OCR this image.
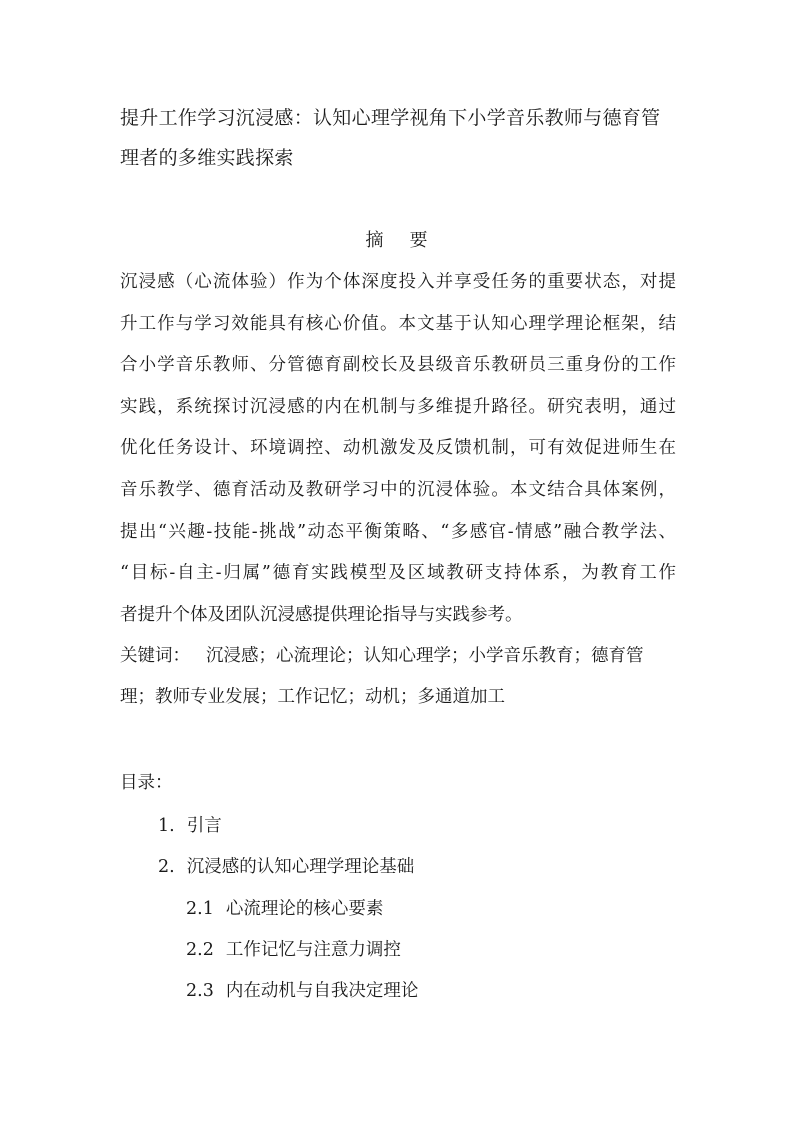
提升工作学习沉浸感：认知心理学视角下小学音乐教师与德育管
理者的多维实践探索
摘要
沉浸感（心流体验）作为个体深度投入并享受任务的重要状态，对提
升工作与学习效能具有核心价值。本文基于认知心理学理论框架，结
合小学音乐教师、分管德育副校长及县级音乐教研员三重身份的工作
实践，系统探讨沉浸感的内在机制与多维提升路径。研究表明，通过
优化任务设计、环境调控、动机激发及反馈机制，可有效促进师生在
音乐教学、德育活动及教研学习中的沉浸体验。本文结合具体案例，
提出“兴趣-技能-挑战”动态平衡策略、“多感官-情感”融合教学法、
“目标-自主-归属”德育实践模型及区域教研支持体系，为教育工作
者提升个体及团队沉浸感提供理论指导与实践参考。
关键词： 沉浸感；心流理论；认知心理学；小学音乐教育；德育管
理；教师专业发展；工作记忆；动机；多通道加工
目录：
1. 引言
2. 沉浸感的认知心理学理论基础
2.1 心流理论的核心要素
2.2 工作记忆与注意力调控
2.3 内在动机与自我决定理论
